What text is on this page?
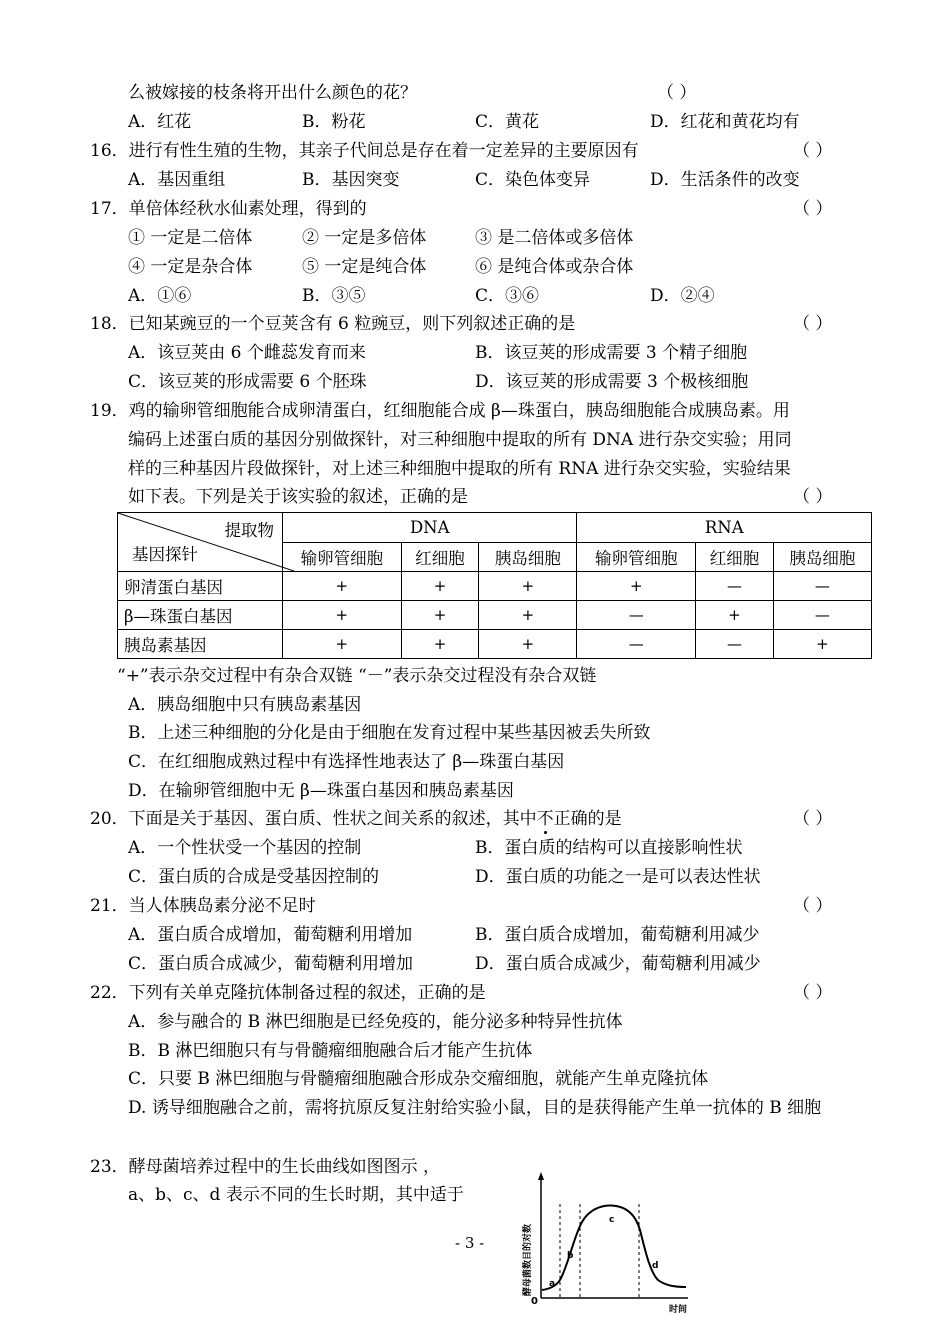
么被嫁接的枝条将开出什么颜色的花？	（ ）
A．红花	B．粉花	C．黄花	D．红花和黄花均有
16．进行有性生殖的生物，其亲子代间总是存在着一定差异的主要原因有	（ ）
A．基因重组	B．基因突变	C．染色体变异	D．生活条件的改变
17．单倍体经秋水仙素处理，得到的	（ ）
① 一定是二倍体	② 一定是多倍体	③ 是二倍体或多倍体
④ 一定是杂合体	⑤ 一定是纯合体	⑥ 是纯合体或杂合体
A．①⑥	B．③⑤	C．③⑥	D．②④
18．已知某豌豆的一个豆荚含有 6 粒豌豆，则下列叙述正确的是	（ ）
A．该豆荚由 6 个雌蕊发育而来	B．该豆荚的形成需要 3 个精子细胞
C．该豆荚的形成需要 6 个胚珠	D．该豆荚的形成需要 3 个极核细胞
19．鸡的输卵管细胞能合成卵清蛋白，红细胞能合成 β—珠蛋白，胰岛细胞能合成胰岛素。用
编码上述蛋白质的基因分别做探针，对三种细胞中提取的所有 DNA 进行杂交实验；用同
样的三种基因片段做探针，对上述三种细胞中提取的所有 RNA 进行杂交实验，实验结果
如下表。下列是关于该实验的叙述，正确的是	（ ）
提取物
基因探针	DNA			RNA		
	输卵管细胞	红细胞	胰岛细胞	输卵管细胞	红细胞	胰岛细胞
卵清蛋白基因	+	+	+	+	—	—
β—珠蛋白基因	+	+	+	—	+	—
胰岛素基因	+	+	+	—	—	+
“+”表示杂交过程中有杂合双链 “－”表示杂交过程没有杂合双链
A．胰岛细胞中只有胰岛素基因
B．上述三种细胞的分化是由于细胞在发育过程中某些基因被丢失所致
C．在红细胞成熟过程中有选择性地表达了 β—珠蛋白基因
D．在输卵管细胞中无 β—珠蛋白基因和胰岛素基因
20．下面是关于基因、蛋白质、性状之间关系的叙述，其中不正确的是	（ ）
A．一个性状受一个基因的控制	B．蛋白质的结构可以直接影响性状
C．蛋白质的合成是受基因控制的	D．蛋白质的功能之一是可以表达性状
21．当人体胰岛素分泌不足时	（ ）
A．蛋白质合成增加，葡萄糖利用增加	B．蛋白质合成增加，葡萄糖利用减少
C．蛋白质合成减少，葡萄糖利用增加	D．蛋白质合成减少，葡萄糖利用减少
22．下列有关单克隆抗体制备过程的叙述，正确的是	（ ）
A．参与融合的 B 淋巴细胞是已经免疫的，能分泌多种特异性抗体
B．B 淋巴细胞只有与骨髓瘤细胞融合后才能产生抗体
C．只要 B 淋巴细胞与骨髓瘤细胞融合形成杂交瘤细胞，就能产生单克隆抗体
D. 诱导细胞融合之前，需将抗原反复注射给实验小鼠，目的是获得能产生单一抗体的 B 细胞
23．酵母菌培养过程中的生长曲线如图图示 ，
a、b、c、d 表示不同的生长时期，其中适于
酵母菌数目的对数
0
时间
a
b
c
d
- 3 -
